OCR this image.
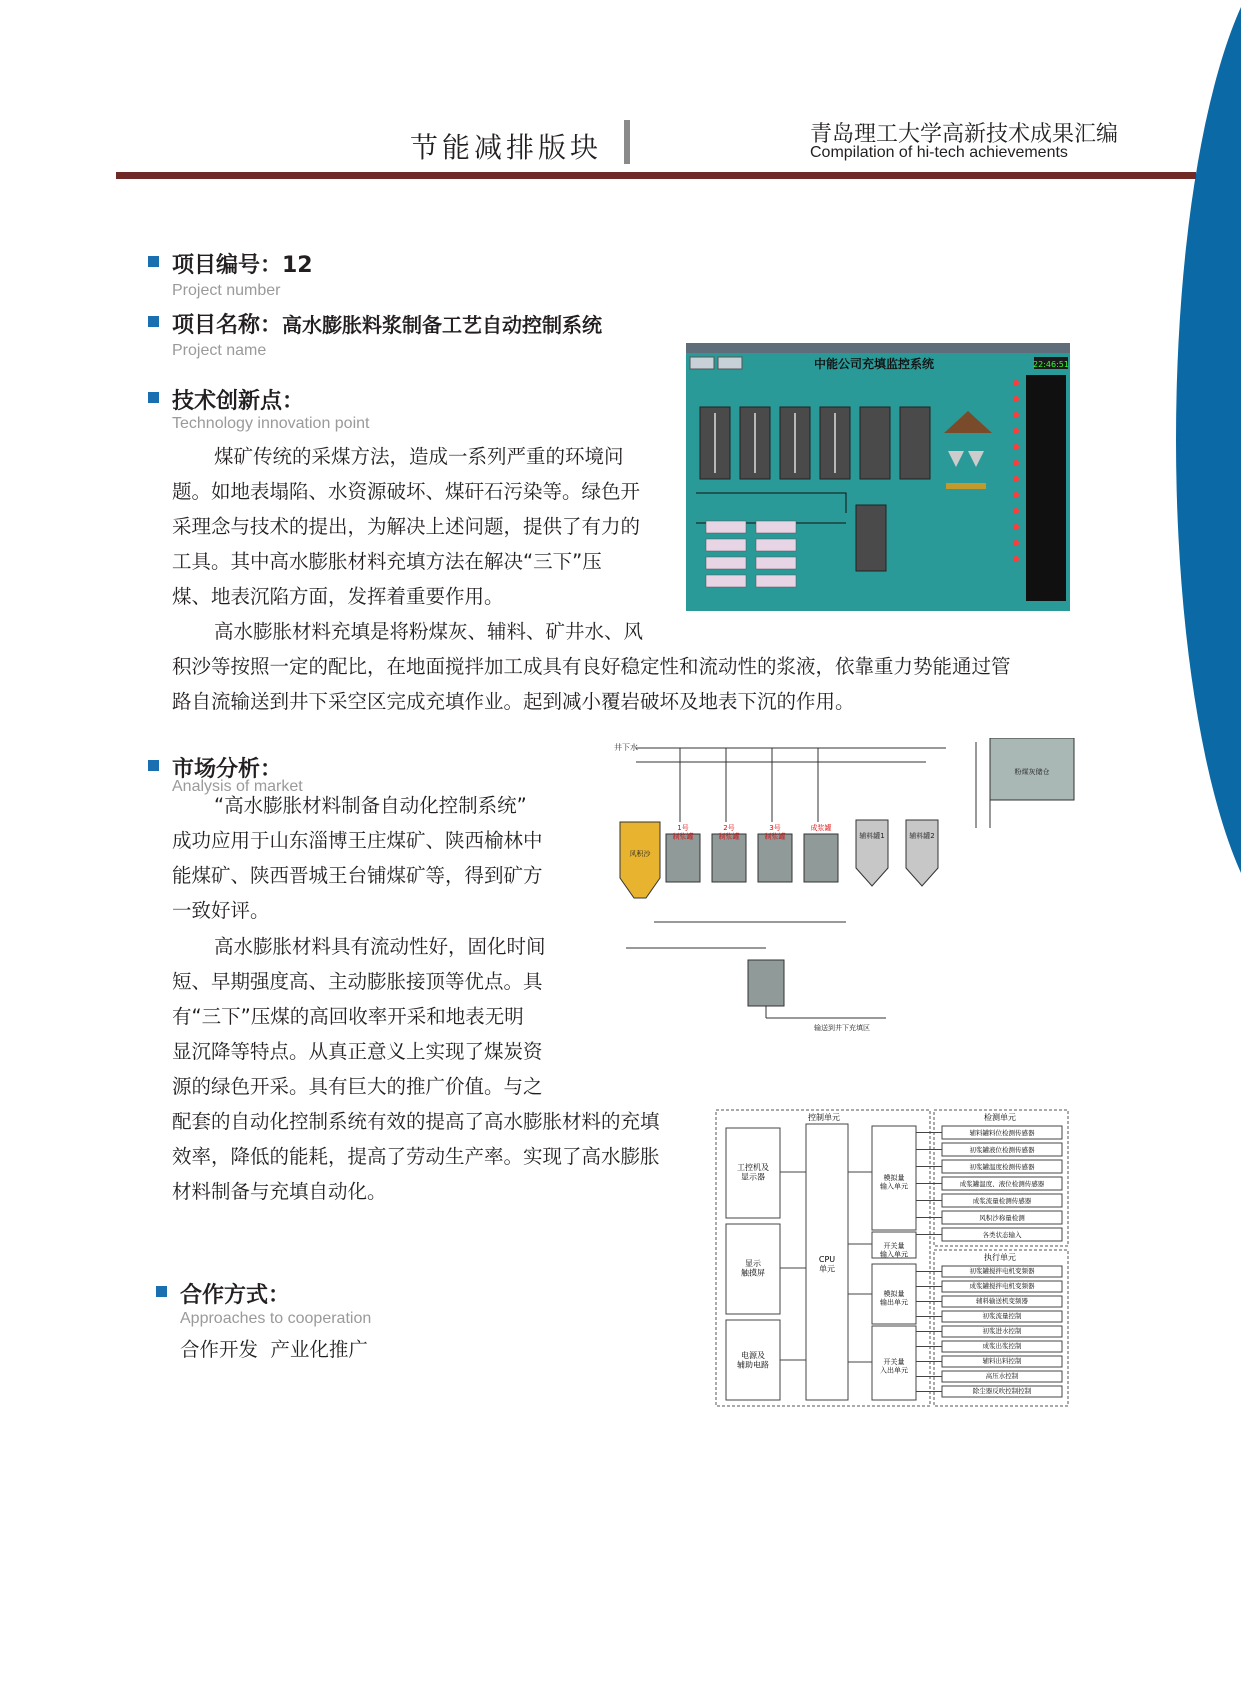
节能减排版块	青岛理工大学高新技术成果汇编
Compilation of hi-tech achievements
项目编号：12
Project number
项目名称：高水膨胀料浆制备工艺自动控制系统
Project name
技术创新点：
Technology innovation point
煤矿传统的采煤方法，造成一系列严重的环境问
题。如地表塌陷、水资源破坏、煤矸石污染等。绿色开
采理念与技术的提出，为解决上述问题，提供了有力的
工具。其中高水膨胀材料充填方法在解决“三下”压
煤、地表沉陷方面，发挥着重要作用。
高水膨胀材料充填是将粉煤灰、辅料、矿井水、风
积沙等按照一定的配比，在地面搅拌加工成具有良好稳定性和流动性的浆液，依靠重力势能通过管
路自流输送到井下采空区完成充填作业。起到减小覆岩破坏及地表下沉的作用。
中能公司充填监控系统	22:46:51
市场分析：
Analysis of market
“高水膨胀材料制备自动化控制系统”
成功应用于山东淄博王庄煤矿、陕西榆林中
能煤矿、陕西晋城王台铺煤矿等，得到矿方
一致好评。
高水膨胀材料具有流动性好，固化时间
短、早期强度高、主动膨胀接顶等优点。具
有“三下”压煤的高回收率开采和地表无明
显沉降等特点。从真正意义上实现了煤炭资
源的绿色开采。具有巨大的推广价值。与之
配套的自动化控制系统有效的提高了高水膨胀材料的充填
效率，降低的能耗，提高了劳动生产率。实现了高水膨胀
材料制备与充填自动化。
井下水
粉煤灰储仓
风积沙
1号制浆罐
2号制浆罐
3号制浆罐
成浆罐
辅料罐1	辅料罐2
输送到井下充填区
控制单元	检测单元
执行单元
工控机及显示器
显示触摸屏
电源及辅助电路
CPU 单元
模拟量输入单元
开关量输入单元
模拟量输出单元
开关量入出单元
辅料罐料位检测传感器
初浆罐液位检测传感器
初浆罐温度检测传感器
成浆罐温度、液位检测传感器
成浆流量检测传感器
风积沙称量检测
各类状态输入
初浆罐搅拌电机变频器
成浆罐搅拌电机变频器
辅料输送机变频器
初浆流量控制
初浆进水控制
成浆出浆控制
辅料出料控制
高压水控制
除尘器反吹控制控制
合作方式：
Approaches to cooperation
合作开发  产业化推广
